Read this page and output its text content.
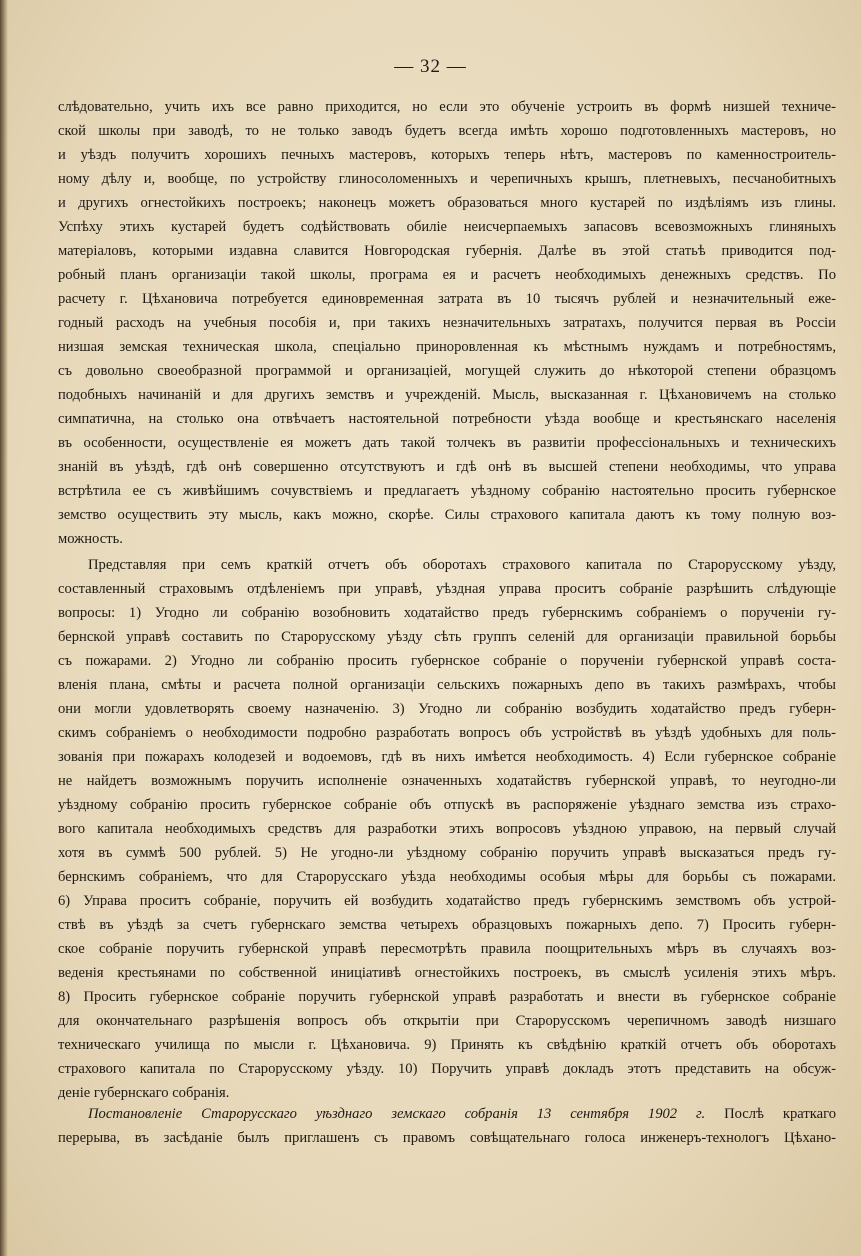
— 32 —
слѣдовательно, учить ихъ все равно приходится, но если это обученіе устроить въ формѣ низшей техниче-
ской школы при заводѣ, то не только заводъ будетъ всегда имѣть хорошо подготовленныхъ мастеровъ, но
и уѣздъ получитъ хорошихъ печныхъ мастеровъ, которыхъ теперь нѣтъ, мастеровъ по каменностроитель-
ному дѣлу и, вообще, по устройству глиносоломенныхъ и черепичныхъ крышъ, плетневыхъ, песчанобитныхъ
и другихъ огнестойкихъ построекъ; наконецъ можетъ образоваться много кустарей по издѣліямъ изъ глины.
Успѣху этихъ кустарей будетъ содѣйствовать обиліе неисчерпаемыхъ запасовъ всевозможныхъ глиняныхъ
матеріаловъ, которыми издавна славится Новгородская губернія. Далѣе въ этой статьѣ приводится под-
робный планъ организаціи такой школы, програма ея и расчетъ необходимыхъ денежныхъ средствъ. По
расчету г. Цѣхановича потребуется единовременная затрата въ 10 тысячъ рублей и незначительный еже-
годный расходъ на учебныя пособія и, при такихъ незначительныхъ затратахъ, получится первая въ Россіи
низшая земская техническая школа, спеціально приноровленная къ мѣстнымъ нуждамъ и потребностямъ,
съ довольно своеобразной программой и организаціей, могущей служить до нѣкоторой степени образцомъ
подобныхъ начинаній и для другихъ земствъ и учрежденій. Мысль, высказанная г. Цѣхановичемъ на столько
симпатична, на столько она отвѣчаетъ настоятельной потребности уѣзда вообще и крестьянскаго населенія
въ особенности, осуществленіе ея можетъ дать такой толчекъ въ развитіи профессіональныхъ и техническихъ
знаній въ уѣздѣ, гдѣ онѣ совершенно отсутствуютъ и гдѣ онѣ въ высшей степени необходимы, что управа
встрѣтила ее съ живѣйшимъ сочувствіемъ и предлагаетъ уѣздному собранію настоятельно просить губернское
земство осуществить эту мысль, какъ можно, скорѣе. Силы страхового капитала даютъ къ тому полную воз-
можность.
Представляя при семъ краткій отчетъ объ оборотахъ страхового капитала по Старорусскому уѣзду,
составленный страховымъ отдѣленіемъ при управѣ, уѣздная управа проситъ собраніе разрѣшить слѣдующіе
вопросы: 1) Угодно ли собранію возобновить ходатайство предъ губернскимъ собраніемъ о порученіи гу-
бернской управѣ составить по Старорусскому уѣзду сѣть группъ селеній для организаціи правильной борьбы
съ пожарами. 2) Угодно ли собранію просить губернское собраніе о порученіи губернской управѣ соста-
вленія плана, смѣты и расчета полной организаціи сельскихъ пожарныхъ депо въ такихъ размѣрахъ, чтобы
они могли удовлетворять своему назначенію. 3) Угодно ли собранію возбудить ходатайство предъ губерн-
скимъ собраніемъ о необходимости подробно разработать вопросъ объ устройствѣ въ уѣздѣ удобныхъ для поль-
зованія при пожарахъ колодезей и водоемовъ, гдѣ въ нихъ имѣется необходимость. 4) Если губернское собраніе
не найдетъ возможнымъ поручить исполненіе означенныхъ ходатайствъ губернской управѣ, то неугодно-ли
уѣздному собранію просить губернское собраніе объ отпускѣ въ распоряженіе уѣзднаго земства изъ страхо-
вого капитала необходимыхъ средствъ для разработки этихъ вопросовъ уѣздною управою, на первый случай
хотя въ суммѣ 500 рублей. 5) Не угодно-ли уѣздному собранію поручить управѣ высказаться предъ гу-
бернскимъ собраніемъ, что для Старорусскаго уѣзда необходимы особыя мѣры для борьбы съ пожарами.
6) Управа проситъ собраніе, поручить ей возбудить ходатайство предъ губернскимъ земствомъ объ устрой-
ствѣ въ уѣздѣ за счетъ губернскаго земства четырехъ образцовыхъ пожарныхъ депо. 7) Просить губерн-
ское собраніе поручить губернской управѣ пересмотрѣть правила поощрительныхъ мѣръ въ случаяхъ воз-
веденія крестьянами по собственной иниціативѣ огнестойкихъ построекъ, въ смыслѣ усиленія этихъ мѣръ.
8) Просить губернское собраніе поручить губернской управѣ разработать и внести въ губернское собраніе
для окончательнаго разрѣшенія вопросъ объ открытіи при Старорусскомъ черепичномъ заводѣ низшаго
техническаго училища по мысли г. Цѣхановича. 9) Принять къ свѣдѣнію краткій отчетъ объ оборотахъ
страхового капитала по Старорусскому уѣзду. 10) Поручить управѣ докладъ этотъ представить на обсуж-
деніе губернскаго собранія.
Постановленіе Старорусскаго уѣзднаго земскаго собранія 13 сентября 1902 г. Послѣ краткаго
перерыва, въ засѣданіе былъ приглашенъ съ правомъ совѣщательнаго голоса инженеръ-технологъ Цѣхано-
